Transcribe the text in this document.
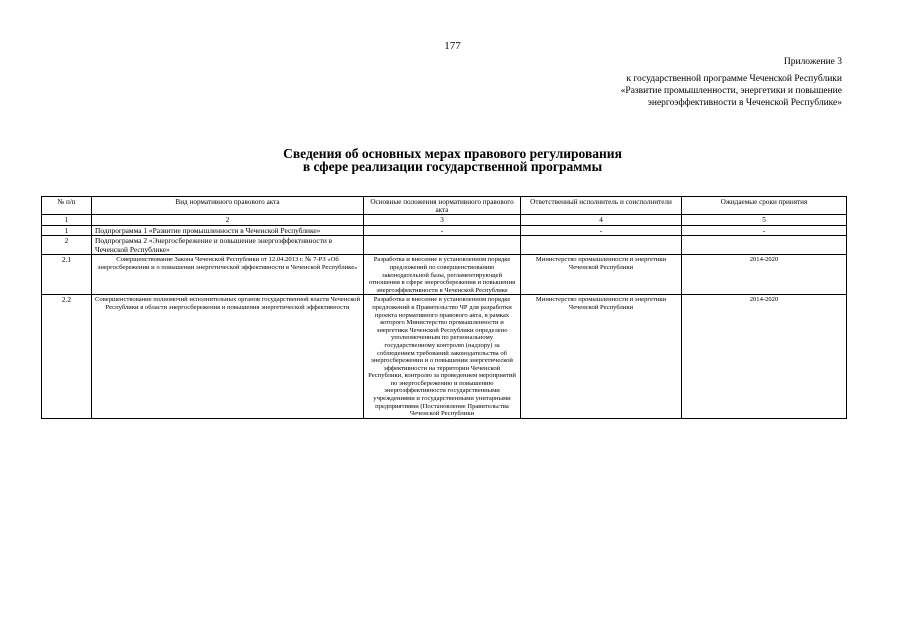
177
Приложение 3
к государственной программе Чеченской Республики
«Развитие промышленности, энергетики и повышение
энергоэффективности в Чеченской Республике»
Сведения об основных мерах правового регулирования
в сфере реализации государственной программы
№ п/п	Вид нормативного правового акта	Основные положения нормативного правового акта	Ответственный исполнитель и соисполнители	Ожидаемые сроки принятия
1	2	3	4	5
1	Подпрограмма 1 «Развитие промышленности в Чеченской Республике»	-	-	-
2	Подпрограмма 2 «Энергосбережение и повышение энергоэффективности в Чеченской Республике»			
2.1	Совершенствование Закона Чеченской Республики от 12.04.2013 г. № 7-РЗ «Об энергосбережении и о повышении энергетической эффективности в Чеченской Республике»	Разработка и внесение в установленном порядке предложений по совершенствованию законодательной базы, регламентирующей отношения в сфере энергосбережения и повышения энергоэффективности в Чеченской Республике	Министерство промышленности и энергетики Чеченской Республики	2014-2020
2.2	Совершенствование полномочий исполнительных органов государственной власти Чеченской Республики в области энергосбережения и повышения энергетической эффективности	Разработка и внесение в установленном порядке предложений в Правительство ЧР для разработки проекта нормативного правового акта, в рамках которого Министерство промышленности и энергетики Чеченской Республики определено уполномоченным по региональному государственному контролю (надзору) за соблюдением требований законодательства об энергосбережении и о повышении энергетической эффективности на территории Чеченской Республики, контролю за проведением мероприятий по энергосбережению и повышению энергоэффективности государственными учреждениями и государственными унитарными предприятиями (Постановление Правительства Чеченской Республики	Министерство промышленности и энергетики Чеченской Республики	2014-2020
